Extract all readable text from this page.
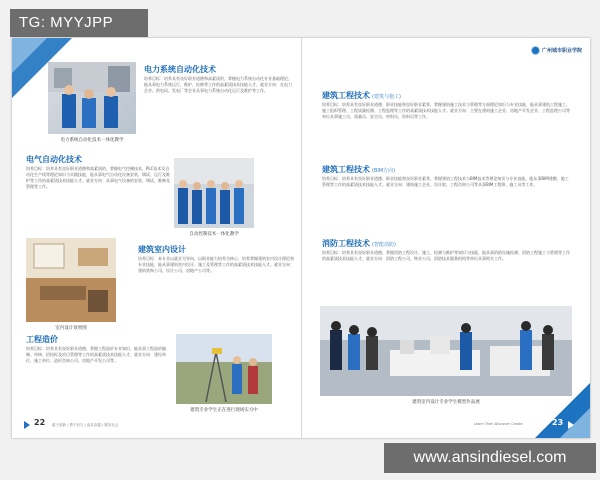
TG: MYYJPP
电力系统自动化技术一体化教学
电力系统自动化技术
培养目标：培养具有良好职业道德和高素质的，掌握电力系统自动化专业基础理论，能从事电力系统运行、维护、检修等工作的高素质技术技能人才。就业方向：在电力企业、供电局、发电厂等企业从事电力系统自动化运行及维护等工作。
电气自动化技术
培养目标：培养具有良好职业道德和高素质的，掌握电气控制技术、PLC技术及自动化生产线等理论知识与实践技能，能从事电气自动化设备安装、调试、运行及维护等工作的高素质技术技能人才。就业方向：从事电气设备的安装、调试、维修及管理等工作。
自动控制技术一体化教学
室内设计效果图
建筑室内设计
培养目标：本专业以就业为导向，以职业能力培养为核心，培养掌握建筑室内设计理论和专业技能，能从事建筑室内设计、施工及管理等工作的高素质技术技能人才。就业方向：建筑装饰公司、设计公司、房地产公司等。
工程造价
培养目标：培养具有良好职业道德，掌握工程造价专业知识，能从事工程造价编制、审核、招投标及项目管理等工作的高素质技术技能人才。就业方向：建设单位、施工单位、造价咨询公司、房地产开发公司等。
建筑专业学生正在进行现场实习中
22 敢于创新 / 勇于担当 / 追求卓越 / 服务社会
广州城市职业学院
建筑工程技术 (建筑与施工)
培养目标：培养具有良好职业道德、职业技能和良好职业素养，掌握建筑施工技术与管理等方面理论知识与专业技能，能从事建筑工程施工、施工组织管理、工程质量检测、工程监理等工作的高素质技术技能人才。就业方向：主要在建筑施工企业、房地产开发企业、工程监理公司等单位从事施工员、质量员、安全员、材料员、资料员等工作。
建筑工程技术 (BIM方向)
培养目标：培养具有良好职业道德、职业技能和良好职业素养，掌握建筑工程技术与BIM技术等理论知识与专业技能，能从事BIM建模、施工管理等工作的高素质技术技能人才。就业方向：建筑施工企业、设计院、工程咨询公司等从事BIM工程师、施工员等工作。
消防工程技术 (智能消防)
培养目标：培养具有良好职业道德，掌握消防工程设计、施工、检测与维护等知识与技能，能从事消防设施检测、消防工程施工与管理等工作的高素质技术技能人才。就业方向：消防工程公司、物业公司、消防技术服务机构等单位从事相关工作。
建筑室内设计专业学生模型作品展
Learn Then Discover Create	23
www.ansindiesel.com
